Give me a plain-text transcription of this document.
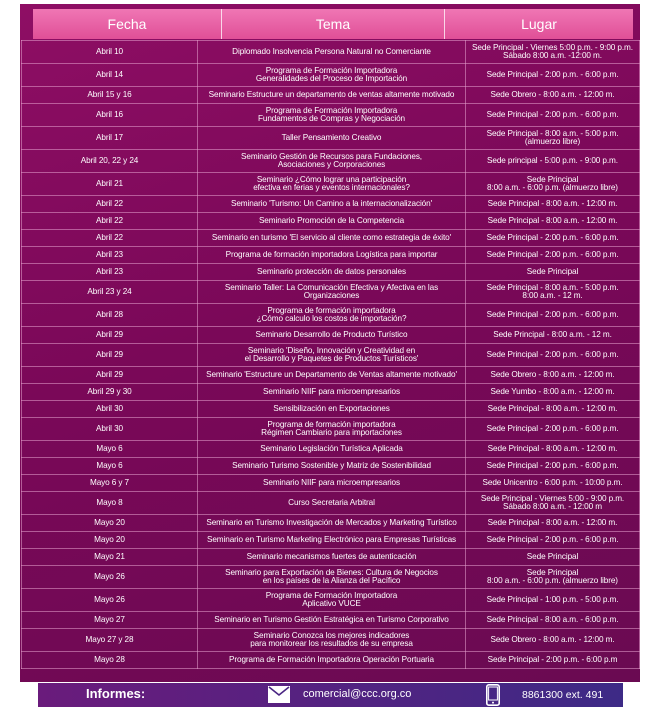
Fecha	Tema	Lugar
Abril 10	Diplomado Insolvencia Persona Natural no Comerciante	Sede Principal - Viernes 5:00 p.m. - 9:00 p.m.
Sábado 8:00 a.m. -12:00 m.
Abril 14	Programa de Formación Importadora
Generalidades del Proceso de Importación	Sede Principal - 2:00 p.m. - 6:00 p.m.
Abril 15 y 16	Seminario Estructure un departamento de ventas altamente motivado	Sede Obrero - 8:00 a.m. - 12:00 m.
Abril 16	Programa de Formación Importadora
Fundamentos de Compras y Negociación	Sede Principal - 2:00 p.m. - 6:00 p.m.
Abril 17	Taller Pensamiento Creativo	Sede Principal - 8:00 a.m. - 5:00 p.m.
(almuerzo libre)
Abril 20, 22 y 24	Seminario Gestión de Recursos para Fundaciones,
Asociaciones y Corporaciones	Sede principal - 5:00 p.m. - 9:00 p.m.
Abril 21	Seminario ¿Cómo lograr una participación
efectiva en ferias y eventos internacionales?	Sede Principal
8:00 a.m. - 6:00 p.m. (almuerzo libre)
Abril 22	Seminario 'Turismo: Un Camino a la internacionalización'	Sede Principal - 8:00 a.m. - 12:00 m.
Abril 22	Seminario Promoción de la Competencia	Sede Principal - 8:00 a.m. - 12:00 m.
Abril 22	Seminario en turismo 'El servicio al cliente como estrategia de éxito'	Sede Principal - 2:00 p.m. - 6:00 p.m.
Abril 23	Programa de formación importadora Logística para importar	Sede Principal - 2:00 p.m. - 6:00 p.m.
Abril 23	Seminario protección de datos personales	Sede Principal
Abril 23 y 24	Seminario Taller: La Comunicación Efectiva y Afectiva en las Organizaciones	Sede Principal - 8:00 a.m. - 5:00 p.m.
8:00 a.m. - 12 m.
Abril 28	Programa de formación importadora
¿Cómo calculo los costos de importación?	Sede Principal - 2:00 p.m. - 6:00 p.m.
Abril 29	Seminario Desarrollo de Producto Turístico	Sede Principal - 8:00 a.m. - 12 m.
Abril 29	Seminario 'Diseño, Innovación y Creatividad en
el Desarrollo y Paquetes de Productos Turísticos'	Sede Principal - 2:00 p.m. - 6:00 p.m.
Abril 29	Seminario 'Estructure un Departamento de Ventas altamente motivado'	Sede Obrero - 8:00 a.m. - 12:00 m.
Abril 29 y 30	Seminario NIIF para microempresarios	Sede Yumbo - 8:00 a.m. - 12:00 m.
Abril 30	Sensibilización en Exportaciones	Sede Principal - 8:00 a.m. - 12:00 m.
Abril 30	Programa de formación importadora
Régimen Cambiario para importaciones	Sede Principal - 2:00 p.m. - 6:00 p.m.
Mayo 6	Seminario Legislación Turística Aplicada	Sede Principal - 8:00 a.m. - 12:00 m.
Mayo 6	Seminario Turismo Sostenible y Matriz de Sostenibilidad	Sede Principal - 2:00 p.m. - 6:00 p.m.
Mayo 6 y 7	Seminario NIIF para microempresarios	Sede Unicentro - 6:00 p.m. - 10:00 p.m.
Mayo 8	Curso Secretaria Arbitral	Sede Principal - Viernes 5:00 - 9:00 p.m.
Sábado 8:00 a.m. - 12:00 m
Mayo 20	Seminario en Turismo Investigación de Mercados y Marketing Turístico	Sede Principal - 8:00 a.m. - 12:00 m.
Mayo 20	Seminario en Turismo Marketing Electrónico para Empresas Turísticas	Sede Principal - 2:00 p.m. - 6:00 p.m.
Mayo 21	Seminario mecanismos fuertes de autenticación	Sede Principal
Mayo 26	Seminario para Exportación de Bienes: Cultura de Negocios
en los países de la Alianza del Pacífico	Sede Principal
8:00 a.m. - 6:00 p.m. (almuerzo libre)
Mayo 26	Programa de Formación Importadora
Aplicativo VUCE	Sede Principal - 1:00 p.m. - 5:00 p.m.
Mayo 27	Seminario en Turismo Gestión Estratégica en Turismo Corporativo	Sede Principal - 8:00 a.m. - 6:00 p.m.
Mayo 27 y 28	Seminario Conozca los mejores indicadores
para monitorear los resultados de su empresa	Sede Obrero - 8:00 a.m. - 12:00 m.
Mayo 28	Programa de Formación Importadora Operación Portuaria	Sede Principal - 2:00 p.m. - 6:00 p.m
Informes:	comercial@ccc.org.co	8861300 ext. 491
